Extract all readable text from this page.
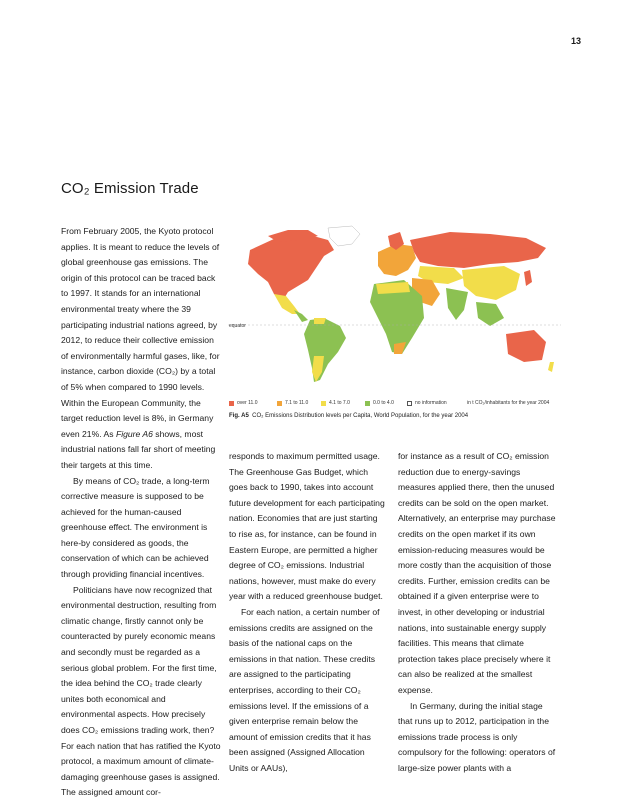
13
CO₂ Emission Trade

From February 2005, the Kyoto protocol applies. It is meant to reduce the levels of global greenhouse gas emissions. The origin of this protocol can be traced back to 1997. It stands for an international environmental treaty where the 39 participating industrial nations agreed, by 2012, to reduce their collective emission of environmentally harmful gases, like, for instance, carbon dioxide (CO₂) by a total of 5% when compared to 1990 levels. Within the European Community, the target reduction level is 8%, in Germany even 21%. As Figure A6 shows, most industrial nations fall far short of meeting their targets at this time.

By means of CO₂ trade, a long-term corrective measure is supposed to be achieved for the human-caused greenhouse effect. The environment is here-by considered as goods, the conservation of which can be achieved through providing financial incentives.

Politicians have now recognized that environmental destruction, resulting from climatic change, firstly cannot only be counteracted by purely economic means and secondly must be regarded as a serious global problem. For the first time, the idea behind the CO₂ trade clearly unites both economical and environmental aspects. How precisely does CO₂ emissions trading work, then? For each nation that has ratified the Kyoto protocol, a maximum amount of climate-damaging greenhouse gases is assigned. The assigned amount cor-

equator
over 11.0	7.1 to 11.0	4.1 to 7.0	0.0 to 4.0	no information	in t CO₂/inhabitants for the year 2004
Fig. A5 CO₂ Emissions Distribution levels per Capita, World Population, for the year 2004

responds to maximum permitted usage. The Greenhouse Gas Budget, which goes back to 1990, takes into account future development for each participating nation. Economies that are just starting to rise as, for instance, can be found in Eastern Europe, are permitted a higher degree of CO₂ emissions. Industrial nations, however, must make do every year with a reduced greenhouse budget.

For each nation, a certain number of emissions credits are assigned on the basis of the national caps on the emissions in that nation. These credits are assigned to the participating enterprises, according to their CO₂ emissions level. If the emissions of a given enterprise remain below the amount of emission credits that it has been assigned (Assigned Allocation Units or AAUs),

for instance as a result of CO₂ emission reduction due to energy-savings measures applied there, then the unused credits can be sold on the open market. Alternatively, an enterprise may purchase credits on the open market if its own emission-reducing measures would be more costly than the acquisition of those credits. Further, emission credits can be obtained if a given enterprise were to invest, in other developing or industrial nations, into sustainable energy supply facilities. This means that climate protection takes place precisely where it can also be realized at the smallest expense.

In Germany, during the initial stage that runs up to 2012, participation in the emissions trade process is only compulsory for the following: operators of large-size power plants with a
